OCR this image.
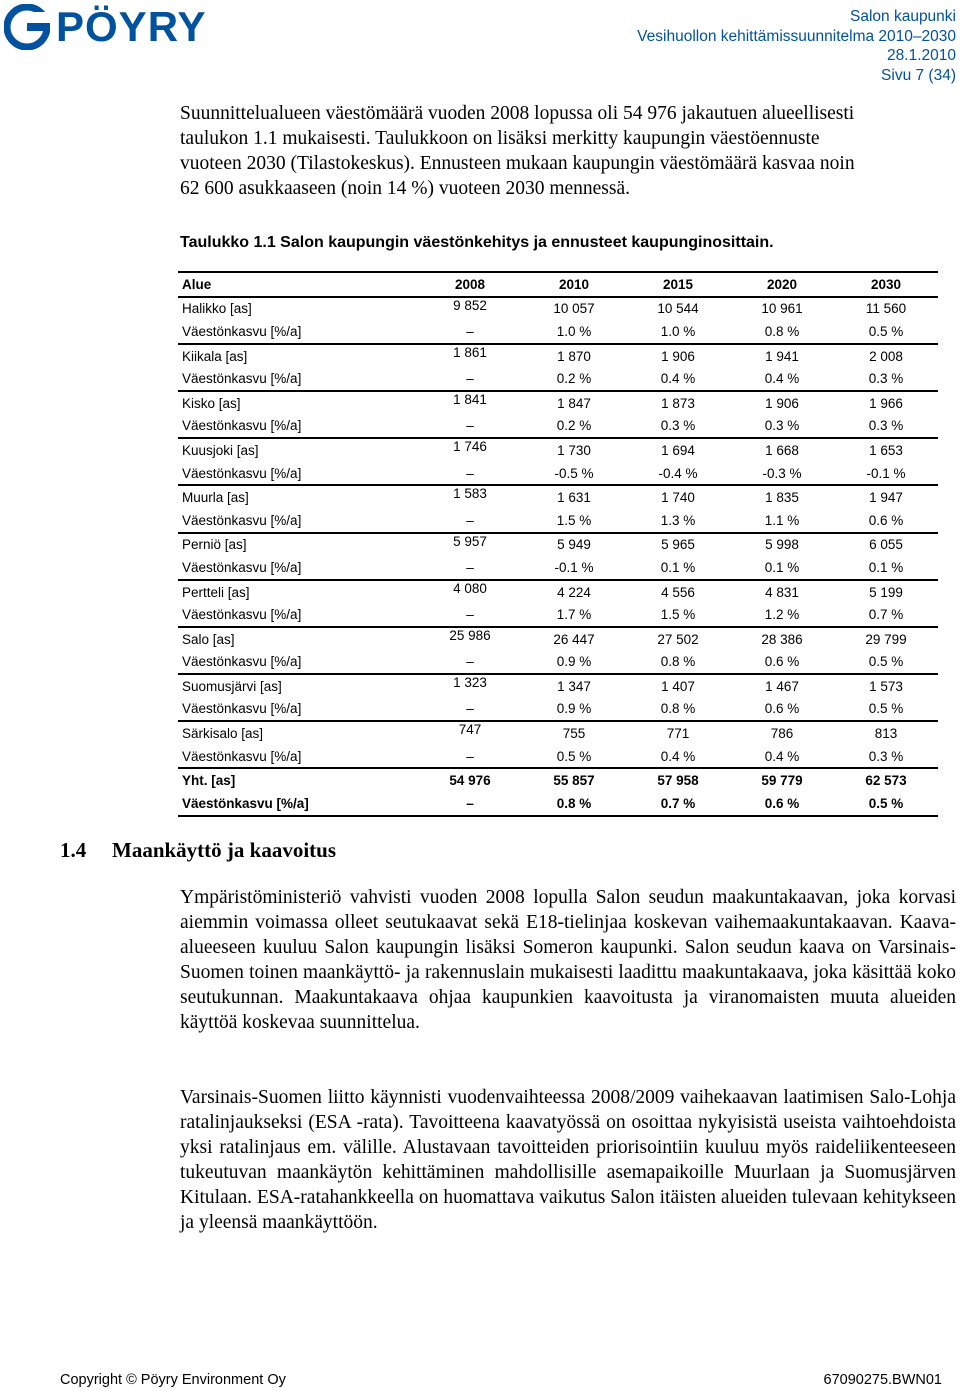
PÖYRY	Salon kaupunki
Vesihuollon kehittämissuunnitelma 2010–2030
28.1.2010
Sivu 7 (34)
Suunnittelualueen väestömäärä vuoden 2008 lopussa oli 54 976 jakautuen alueellisesti
taulukon 1.1 mukaisesti. Taulukkoon on lisäksi merkitty kaupungin väestöennuste
vuoteen 2030 (Tilastokeskus). Ennusteen mukaan kaupungin väestömäärä kasvaa noin
62 600 asukkaaseen (noin 14 %) vuoteen 2030 mennessä.
Taulukko 1.1 Salon kaupungin väestönkehitys ja ennusteet kaupunginosittain.
Alue	2008	2010	2015	2020	2030
Halikko [as]	9 852	10 057	10 544	10 961	11 560
Väestönkasvu [%/a]	–	1.0 %	1.0 %	0.8 %	0.5 %
Kiikala [as]	1 861	1 870	1 906	1 941	2 008
Väestönkasvu [%/a]	–	0.2 %	0.4 %	0.4 %	0.3 %
Kisko [as]	1 841	1 847	1 873	1 906	1 966
Väestönkasvu [%/a]	–	0.2 %	0.3 %	0.3 %	0.3 %
Kuusjoki [as]	1 746	1 730	1 694	1 668	1 653
Väestönkasvu [%/a]	–	-0.5 %	-0.4 %	-0.3 %	-0.1 %
Muurla [as]	1 583	1 631	1 740	1 835	1 947
Väestönkasvu [%/a]	–	1.5 %	1.3 %	1.1 %	0.6 %
Perniö [as]	5 957	5 949	5 965	5 998	6 055
Väestönkasvu [%/a]	–	-0.1 %	0.1 %	0.1 %	0.1 %
Pertteli [as]	4 080	4 224	4 556	4 831	5 199
Väestönkasvu [%/a]	–	1.7 %	1.5 %	1.2 %	0.7 %
Salo [as]	25 986	26 447	27 502	28 386	29 799
Väestönkasvu [%/a]	–	0.9 %	0.8 %	0.6 %	0.5 %
Suomusjärvi [as]	1 323	1 347	1 407	1 467	1 573
Väestönkasvu [%/a]	–	0.9 %	0.8 %	0.6 %	0.5 %
Särkisalo [as]	747	755	771	786	813
Väestönkasvu [%/a]	–	0.5 %	0.4 %	0.4 %	0.3 %
Yht. [as]	54 976	55 857	57 958	59 779	62 573
Väestönkasvu [%/a]	–	0.8 %	0.7 %	0.6 %	0.5 %
1.4 Maankäyttö ja kaavoitus
Ympäristöministeriö vahvisti vuoden 2008 lopulla Salon seudun maakuntakaavan, joka korvasi aiemmin voimassa olleet seutukaavat sekä E18-tielinjaa koskevan vaihemaakuntakaavan. Kaava-alueeseen kuuluu Salon kaupungin lisäksi Someron kaupunki. Salon seudun kaava on Varsinais-Suomen toinen maankäyttö- ja rakennuslain mukaisesti laadittu maakuntakaava, joka käsittää koko seutukunnan. Maakuntakaava ohjaa kaupunkien kaavoitusta ja viranomaisten muuta alueiden käyttöä koskevaa suunnittelua.
Varsinais-Suomen liitto käynnisti vuodenvaihteessa 2008/2009 vaihekaavan laatimisen Salo-Lohja ratalinjaukseksi (ESA -rata). Tavoitteena kaavatyössä on osoittaa nykyisistä useista vaihtoehdoista yksi ratalinjaus em. välille. Alustavaan tavoitteiden priorisointiin kuuluu myös raideliikenteeseen tukeutuvan maankäytön kehittäminen mahdollisille asemapaikoille Muurlaan ja Suomusjärven Kitulaan. ESA-ratahankkeella on huomattava vaikutus Salon itäisten alueiden tulevaan kehitykseen ja yleensä maankäyttöön.
Copyright © Pöyry Environment Oy	67090275.BWN01
